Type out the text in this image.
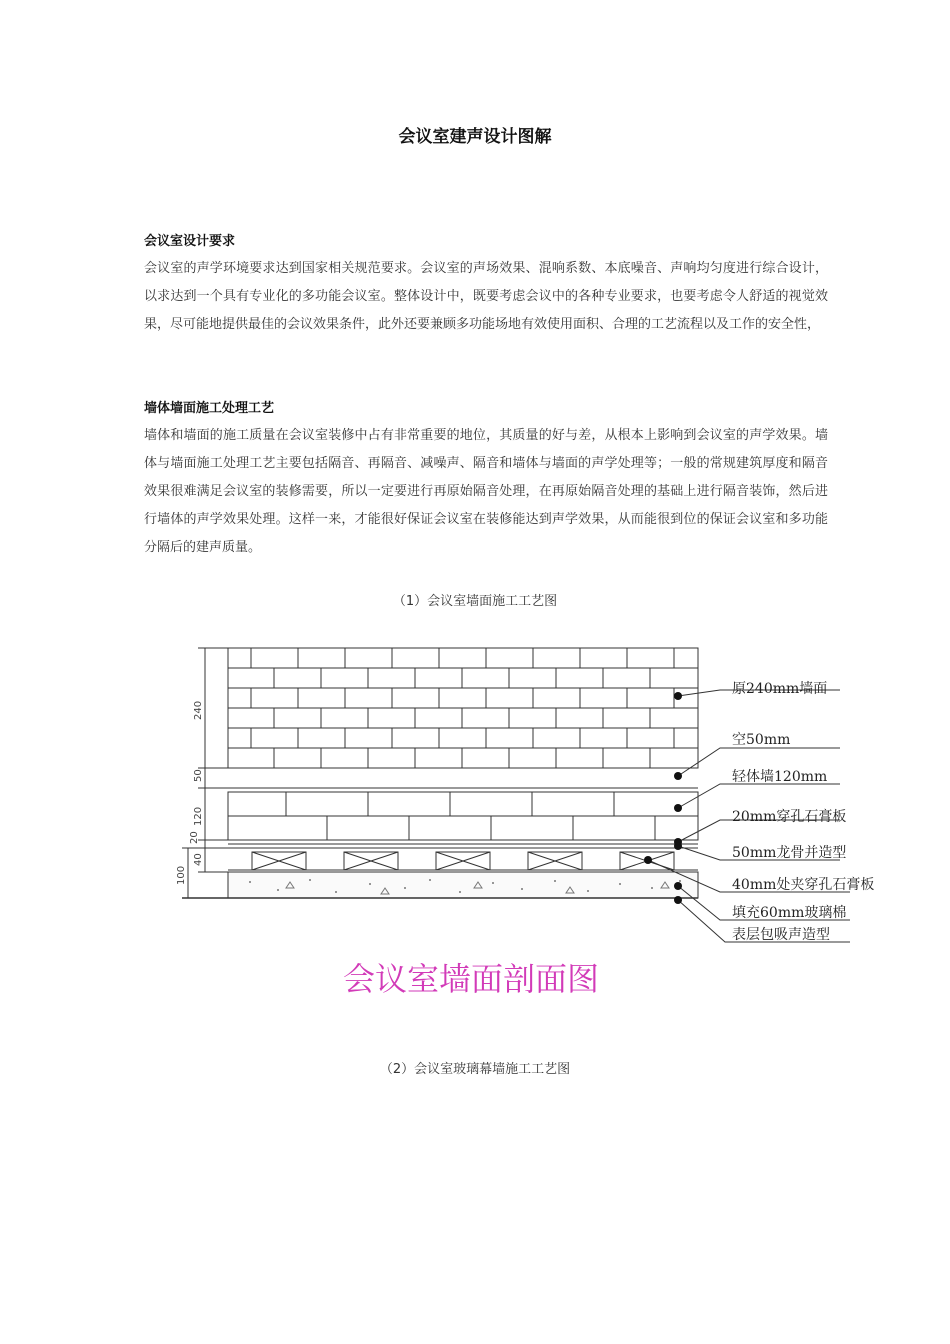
会议室建声设计图解
会议室设计要求

会议室的声学环境要求达到国家相关规范要求。会议室的声场效果、混响系数、本底噪音、声响均匀度进行综合设计，以求达到一个具有专业化的多功能会议室。整体设计中，既要考虑会议中的各种专业要求，也要考虑令人舒适的视觉效果，尽可能地提供最佳的会议效果条件，此外还要兼顾多功能场地有效使用面积、合理的工艺流程以及工作的安全性，

墙体墙面施工处理工艺

墙体和墙面的施工质量在会议室装修中占有非常重要的地位，其质量的好与差，从根本上影响到会议室的声学效果。墙体与墙面施工处理工艺主要包括隔音、再隔音、减噪声、隔音和墙体与墙面的声学处理等；一般的常规建筑厚度和隔音效果很难满足会议室的装修需要，所以一定要进行再原始隔音处理，在再原始隔音处理的基础上进行隔音装饰，然后进行墙体的声学效果处理。这样一来，才能很好保证会议室在装修能达到声学效果，从而能很到位的保证会议室和多功能分隔后的建声质量。

（1）会议室墙面施工工艺图
240
50
120
20
40
100
原240mm墙面
空50mm
轻体墙120mm
20mm穿孔石膏板
50mm龙骨并造型
40mm处夹穿孔石膏板
填充60mm玻璃棉
表层包吸声造型
会议室墙面剖面图
（2）会议室玻璃幕墙施工工艺图
